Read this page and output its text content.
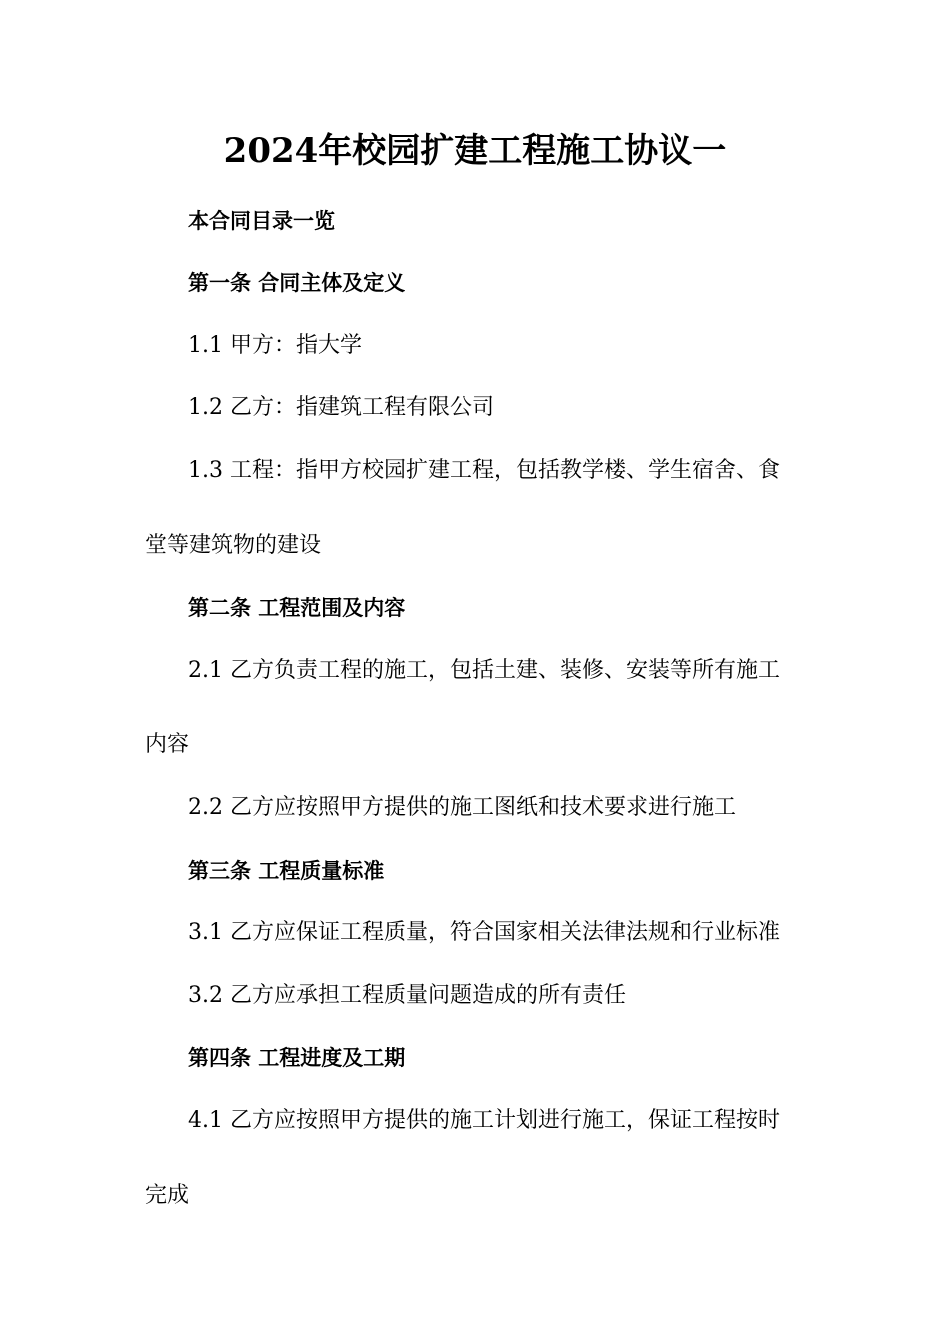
2024年校园扩建工程施工协议一
本合同目录一览
第一条 合同主体及定义
1.1 甲方：指大学
1.2 乙方：指建筑工程有限公司
1.3 工程：指甲方校园扩建工程，包括教学楼、学生宿舍、食
堂等建筑物的建设
第二条 工程范围及内容
2.1 乙方负责工程的施工，包括土建、装修、安装等所有施工
内容
2.2 乙方应按照甲方提供的施工图纸和技术要求进行施工
第三条 工程质量标准
3.1 乙方应保证工程质量，符合国家相关法律法规和行业标准
3.2 乙方应承担工程质量问题造成的所有责任
第四条 工程进度及工期
4.1 乙方应按照甲方提供的施工计划进行施工，保证工程按时
完成
